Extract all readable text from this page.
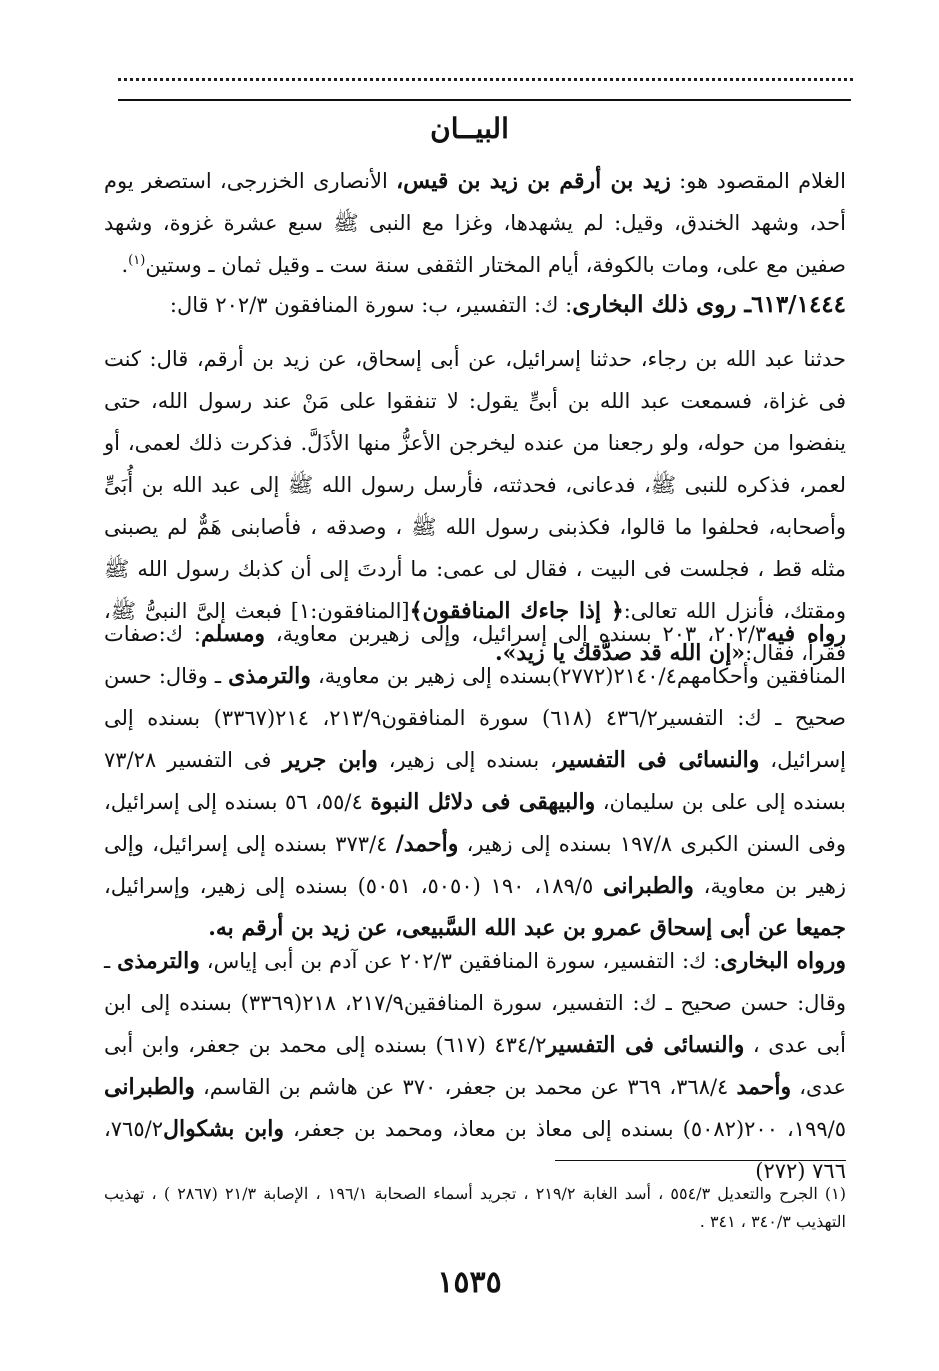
البيــان
الغلام المقصود هو: زيد بن أرقم بن زيد بن قيس، الأنصارى الخزرجى، استصغر يوم أحد، وشهد الخندق، وقيل: لم يشهدها، وغزا مع النبى ﷺ سبع عشرة غزوة، وشهد صفين مع على، ومات بالكوفة، أيام المختار الثقفى سنة ست ـ وقيل ثمان ـ وستين$^{(١)}$.
٦١٣/١٤٤٤ـ روى ذلك البخارى: ك: التفسير، ب: سورة المنافقون ٢٠٢/٣ قال:
حدثنا عبد الله بن رجاء، حدثنا إسرائيل، عن أبى إسحاق، عن زيد بن أرقم، قال: كنت فى غزاة، فسمعت عبد الله بن أبىٍّ يقول: لا تنفقوا على مَنْ عند رسول الله، حتى ينفضوا من حوله، ولو رجعنا من عنده ليخرجن الأعزُّ منها الأذَلَّ. فذكرت ذلك لعمى، أو لعمر، فذكره للنبى ﷺ، فدعانى، فحدثته، فأرسل رسول الله ﷺ إلى عبد الله بن أُبَىٍّ وأصحابه، فحلفوا ما قالوا، فكذبنى رسول الله ﷺ ، وصدقه ، فأصابنى هَمٌّ لم يصبنى مثله قط ، فجلست فى البيت ، فقال لى عمى: ما أردتَ إلى أن كذبك رسول الله ﷺ ومقتك، فأنزل الله تعالى:﴿ إذا جاءك المنافقون﴾[المنافقون:١] فبعث إلىَّ النبىُّ ﷺ، فقرأ، فقال:«إن الله قد صدَّقك يا زيد».
رواه فيه٢٠٢/٣، ٢٠٣ بسنده إلى إسرائيل، وإلى زهيربن معاوية، ومسلم: ك:صفات المنافقين وأحكامهم٢١٤٠/٤(٢٧٧٢)بسنده إلى زهير بن معاوية، والترمذى ـ وقال: حسن صحيح ـ ك: التفسير٤٣٦/٢ (٦١٨) سورة المنافقون٢١٣/٩، ٢١٤(٣٣٦٧) بسنده إلى إسرائيل، والنسائى فى التفسير، بسنده إلى زهير، وابن جرير فى التفسير ٧٣/٢٨ بسنده إلى على بن سليمان، والبيهقى فى دلائل النبوة ٥٥/٤، ٥٦ بسنده إلى إسرائيل، وفى السنن الكبرى ١٩٧/٨ بسنده إلى زهير، وأحمد/ ٣٧٣/٤ بسنده إلى إسرائيل، وإلى زهير بن معاوية، والطبرانى ١٨٩/٥، ١٩٠ (٥٠٥٠، ٥٠٥١) بسنده إلى زهير، وإسرائيل، جميعا عن أبى إسحاق عمرو بن عبد الله السَّبيعى، عن زيد بن أرقم به.
ورواه البخارى: ك: التفسير، سورة المنافقين ٢٠٢/٣ عن آدم بن أبى إياس، والترمذى ـ وقال: حسن صحيح ـ ك: التفسير، سورة المنافقين٢١٧/٩، ٢١٨(٣٣٦٩) بسنده إلى ابن أبى عدى ، والنسائى فى التفسير٤٣٤/٢ (٦١٧) بسنده إلى محمد بن جعفر، وابن أبى عدى، وأحمد ٣٦٨/٤، ٣٦٩ عن محمد بن جعفر، ٣٧٠ عن هاشم بن القاسم، والطبرانى ١٩٩/٥، ٢٠٠(٥٠٨٢) بسنده إلى معاذ بن معاذ، ومحمد بن جعفر، وابن بشكوال٧٦٥/٢، ٧٦٦ (٢٧٢)
(١) الجرح والتعديل ٥٥٤/٣ ، أسد الغابة ٢١٩/٢ ، تجريد أسماء الصحابة ١٩٦/١ ، الإصابة ٢١/٣ (٢٨٦٧ ) ، تهذيب التهذيب ٣٤٠/٣ ، ٣٤١ .
١٥٣٥
